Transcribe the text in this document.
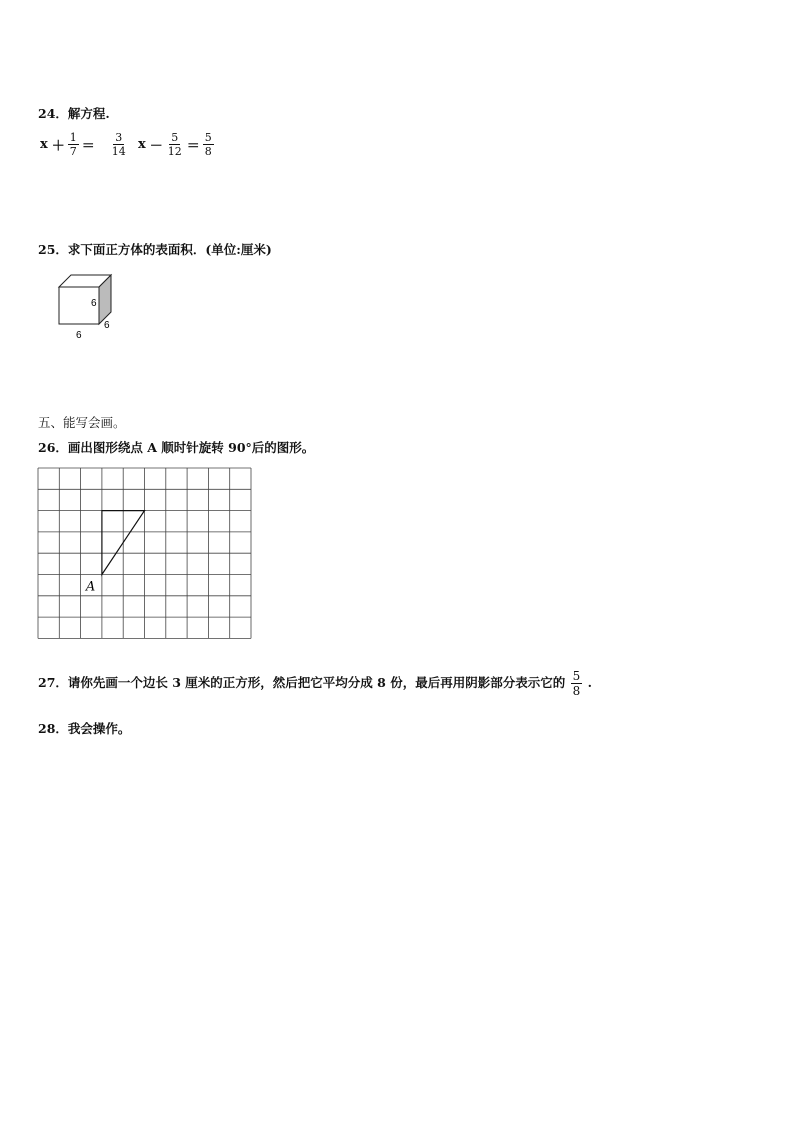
24．解方程.
$x + \frac{1}{7} = \frac{3}{14}$ $x - \frac{5}{12} = \frac{5}{8}$
25．求下面正方体的表面积．(单位:厘米)
6
6
6
五、能写会画。
26．画出图形绕点 A 顺时针旋转 90°后的图形。
A
27．请你先画一个边长 3 厘米的正方形，然后把它平均分成 8 份，最后再用阴影部分表示它的 $\frac{5}{8}$ .
28．我会操作。
